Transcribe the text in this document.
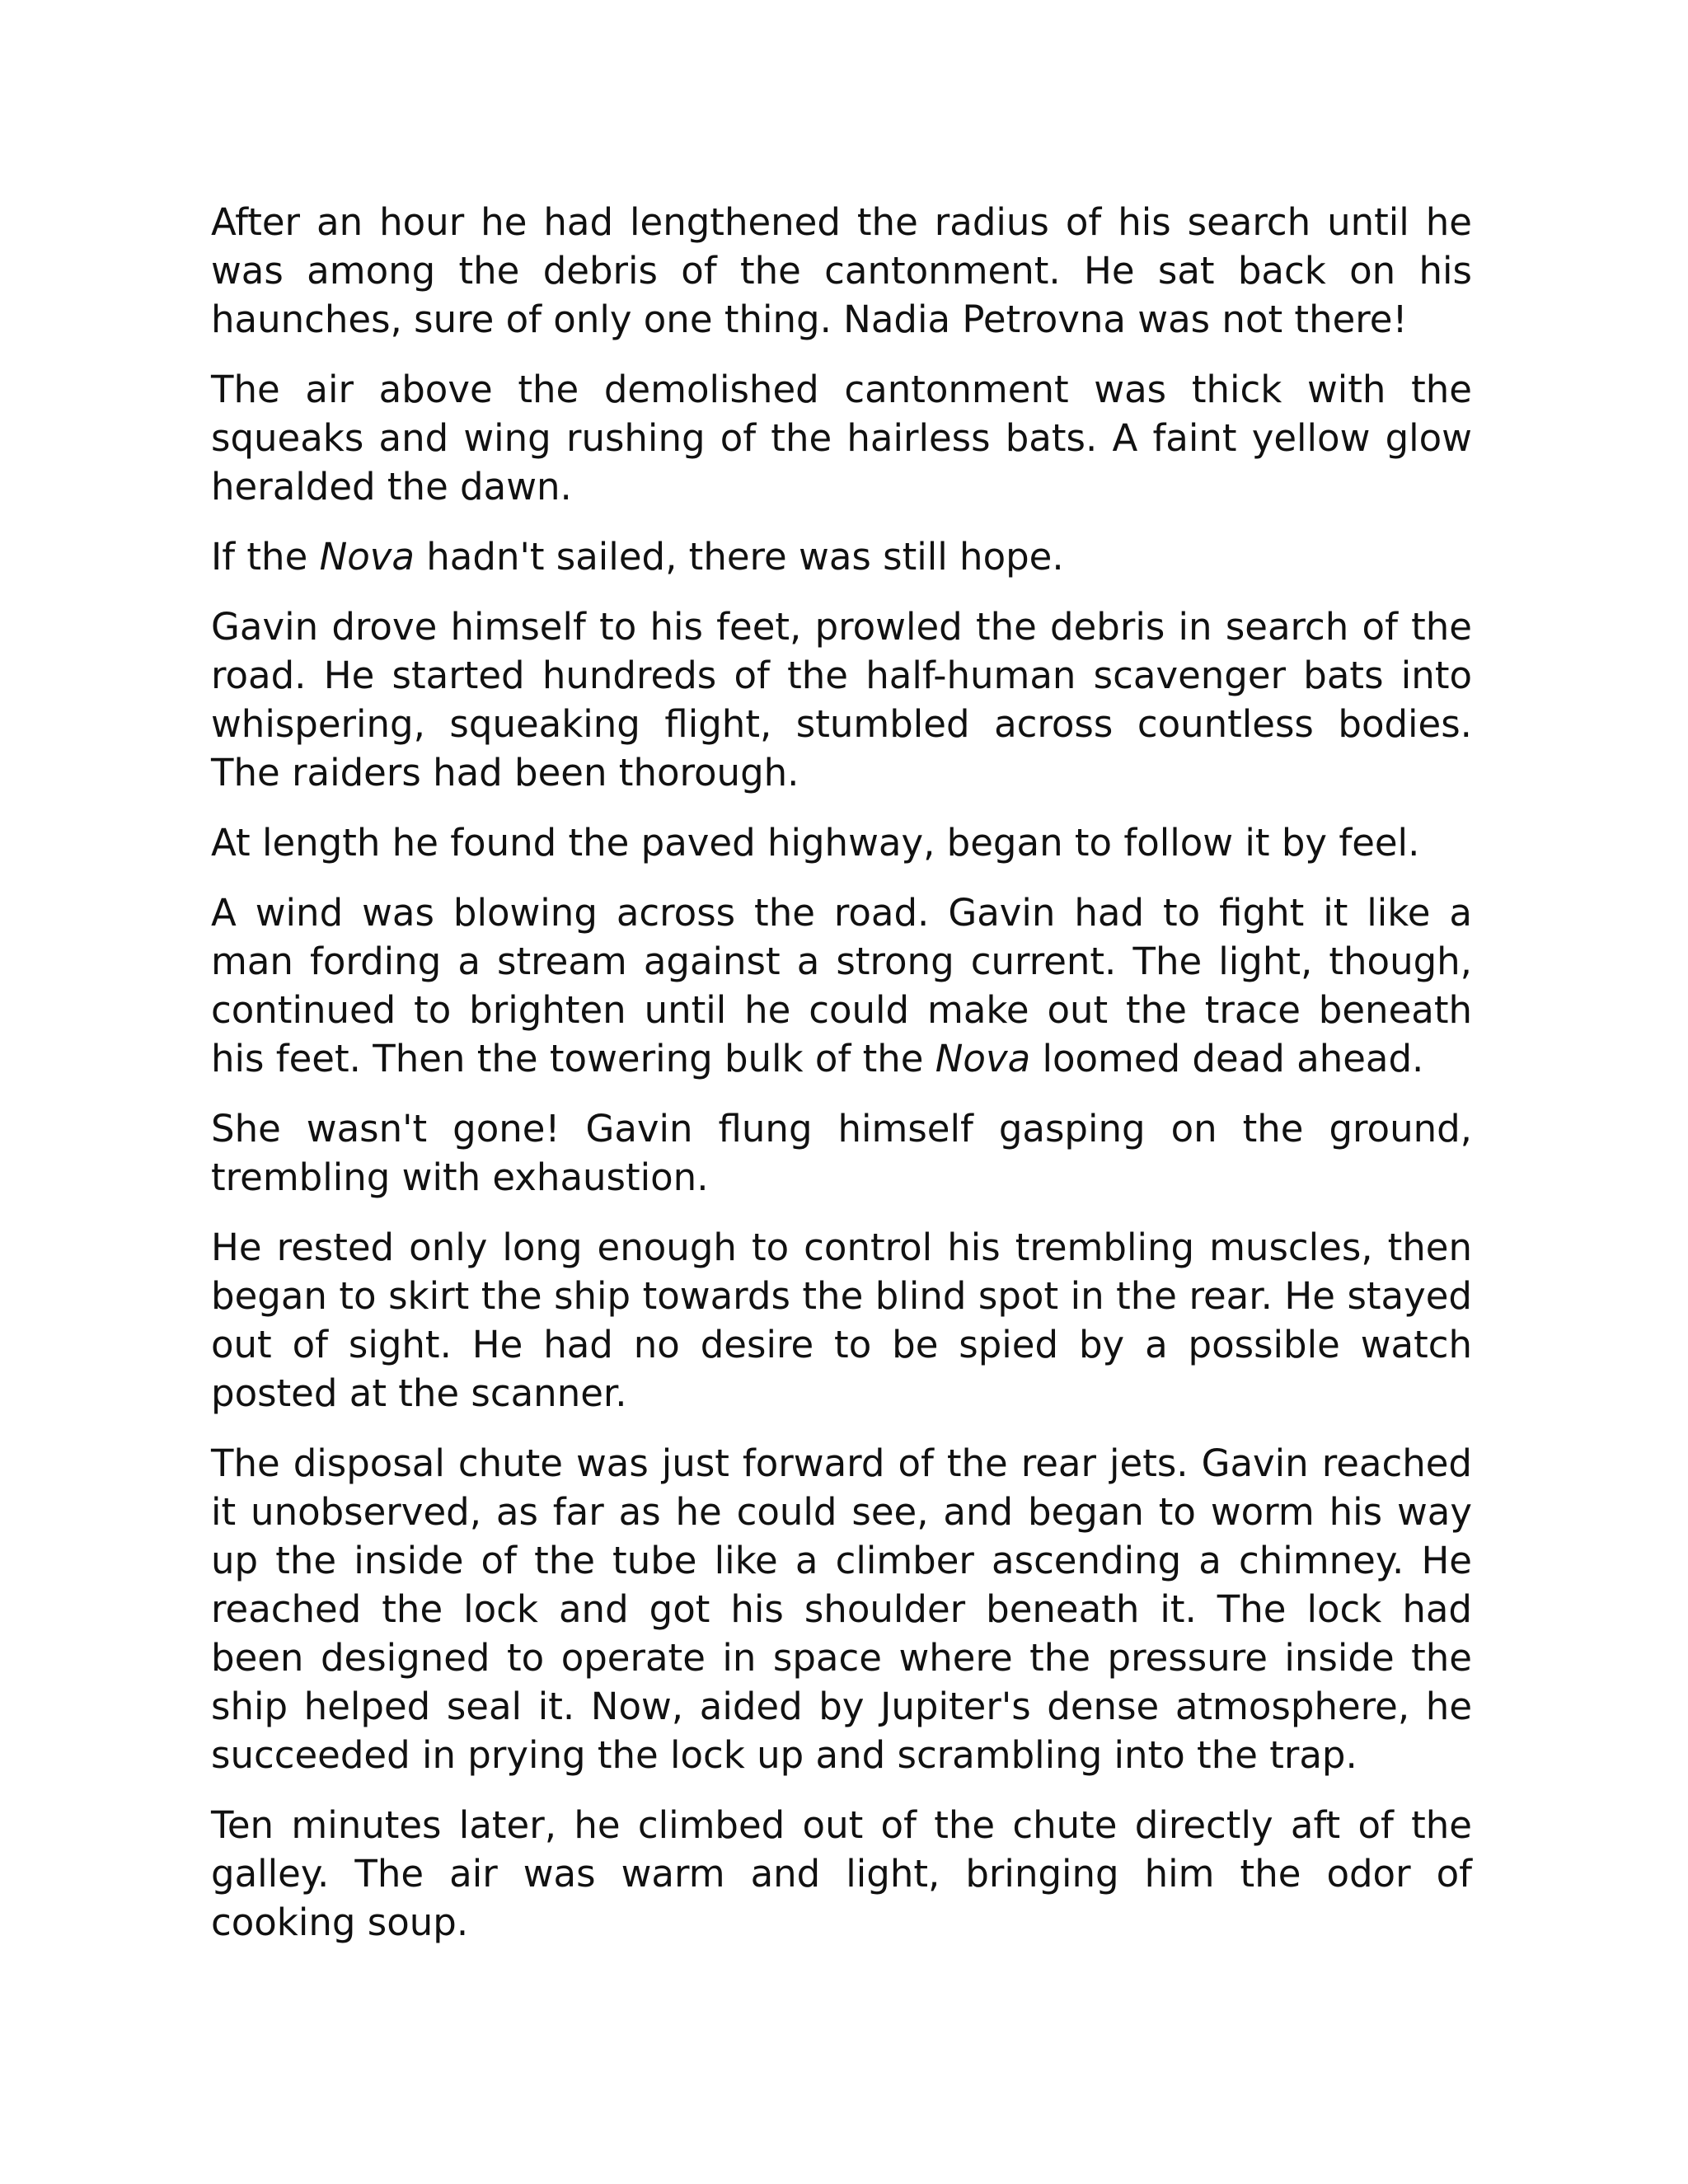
After an hour he had lengthened the radius of his search until he was among the debris of the cantonment. He sat back on his haunches, sure of only one thing. Nadia Petrovna was not there!

The air above the demolished cantonment was thick with the squeaks and wing rushing of the hairless bats. A faint yellow glow heralded the dawn.

If the Nova hadn't sailed, there was still hope.

Gavin drove himself to his feet, prowled the debris in search of the road. He started hundreds of the half-human scavenger bats into whispering, squeaking flight, stumbled across countless bodies. The raiders had been thorough.

At length he found the paved highway, began to follow it by feel.

A wind was blowing across the road. Gavin had to fight it like a man fording a stream against a strong current. The light, though, continued to brighten until he could make out the trace beneath his feet. Then the towering bulk of the Nova loomed dead ahead.

She wasn't gone! Gavin flung himself gasping on the ground, trembling with exhaustion.

He rested only long enough to control his trembling muscles, then began to skirt the ship towards the blind spot in the rear. He stayed out of sight. He had no desire to be spied by a possible watch posted at the scanner.

The disposal chute was just forward of the rear jets. Gavin reached it unobserved, as far as he could see, and began to worm his way up the inside of the tube like a climber ascending a chimney. He reached the lock and got his shoulder beneath it. The lock had been designed to operate in space where the pressure inside the ship helped seal it. Now, aided by Jupiter's dense atmosphere, he succeeded in prying the lock up and scrambling into the trap.

Ten minutes later, he climbed out of the chute directly aft of the galley. The air was warm and light, bringing him the odor of cooking soup.
